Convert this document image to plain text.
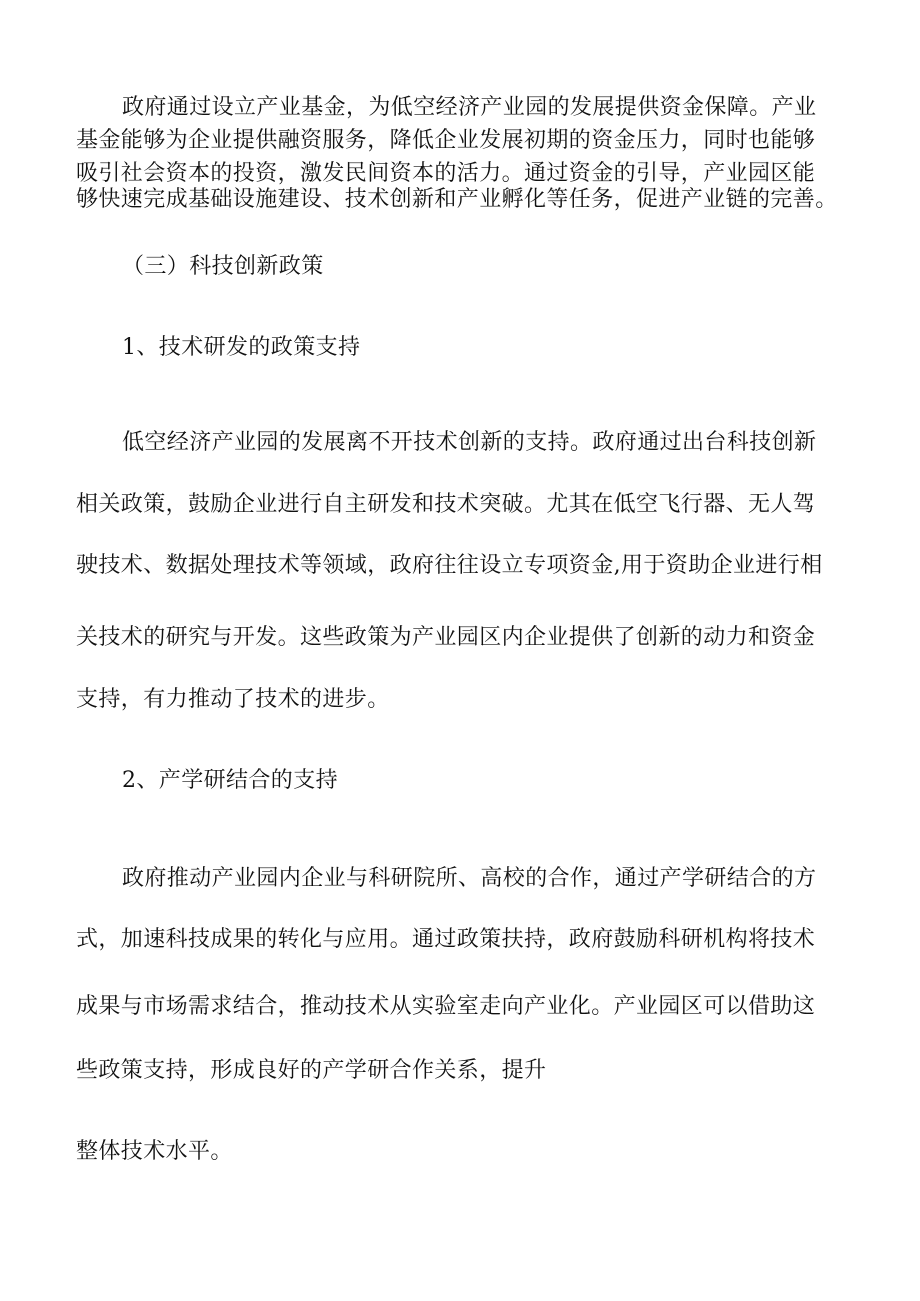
政府通过设立产业基金，为低空经济产业园的发展提供资金保障。产业
基金能够为企业提供融资服务，降低企业发展初期的资金压力，同时也能够
吸引社会资本的投资，激发民间资本的活力。通过资金的引导，产业园区能
够快速完成基础设施建设、技术创新和产业孵化等任务，促进产业链的完善。
（三）科技创新政策
1、技术研发的政策支持
低空经济产业园的发展离不开技术创新的支持。政府通过出台科技创新
相关政策，鼓励企业进行自主研发和技术突破。尤其在低空飞行器、无人驾
驶技术、数据处理技术等领域，政府往往设立专项资金,用于资助企业进行相
关技术的研究与开发。这些政策为产业园区内企业提供了创新的动力和资金
支持，有力推动了技术的进步。
2、产学研结合的支持
政府推动产业园内企业与科研院所、高校的合作，通过产学研结合的方
式，加速科技成果的转化与应用。通过政策扶持，政府鼓励科研机构将技术
成果与市场需求结合，推动技术从实验室走向产业化。产业园区可以借助这
些政策支持，形成良好的产学研合作关系，提升
整体技术水平。
